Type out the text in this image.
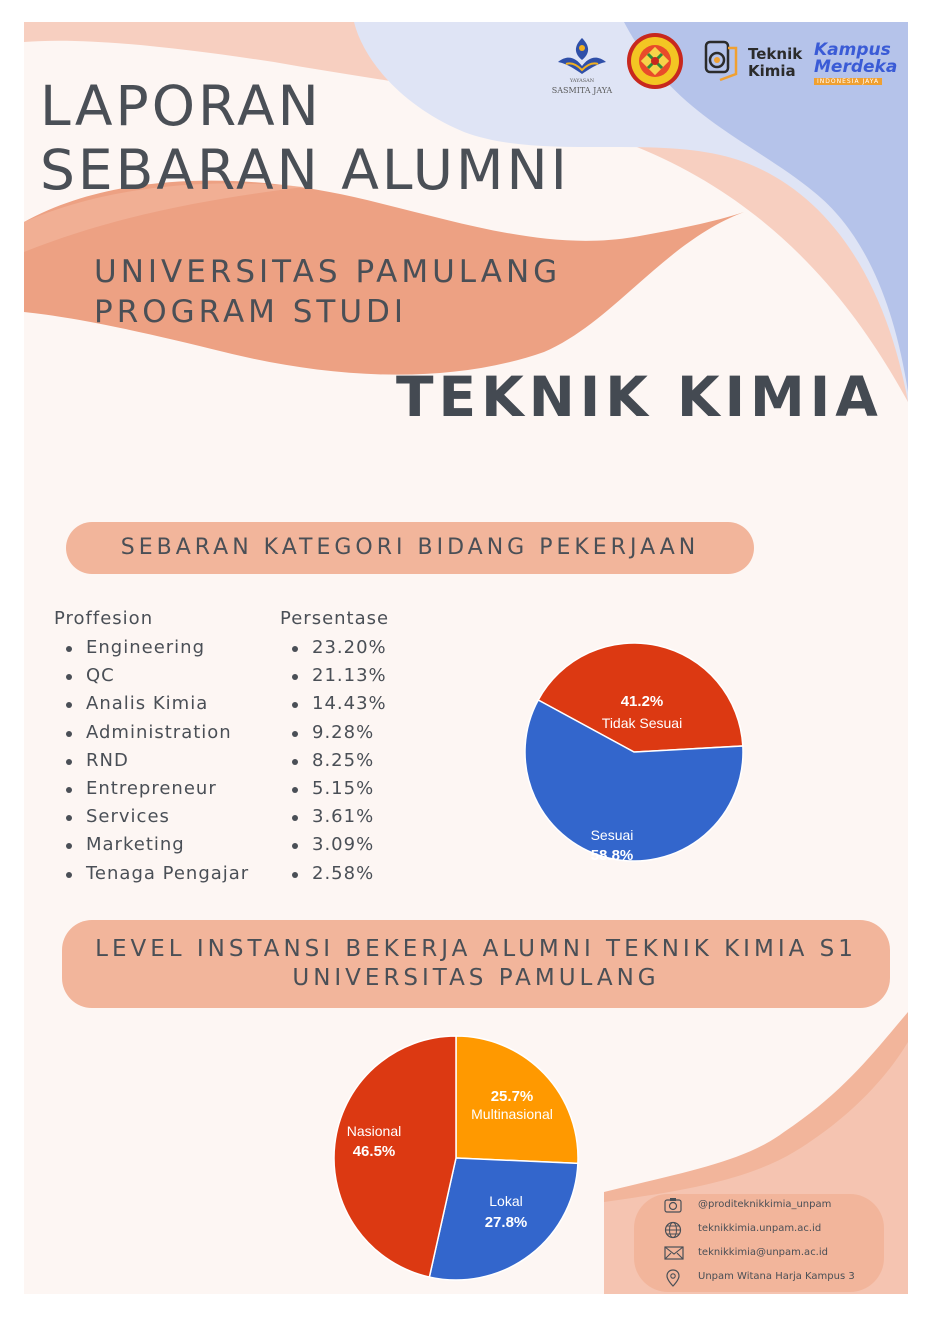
YAYASAN
SASMITA JAYA
Teknik
Kimia
Kampus
Merdeka
INDONESIA JAYA
LAPORAN
SEBARAN ALUMNI
UNIVERSITAS PAMULANG
PROGRAM STUDI
TEKNIK KIMIA
SEBARAN KATEGORI BIDANG PEKERJAAN
Proffesion	Persentase
Engineering
QC
Analis Kimia
Administration
RND
Entrepreneur
Services
Marketing
Tenaga Pengajar
23.20%
21.13%
14.43%
9.28%
8.25%
5.15%
3.61%
3.09%
2.58%
Tidak Sesuai
41.2%
Sesuai
58.8%
LEVEL INSTANSI BEKERJA ALUMNI TEKNIK KIMIA S1
UNIVERSITAS PAMULANG
Multinasional
25.7%
Lokal
27.8%
Nasional
46.5%
@proditeknikkimia_unpam
teknikkimia.unpam.ac.id
teknikkimia@unpam.ac.id
Unpam Witana Harja Kampus 3
